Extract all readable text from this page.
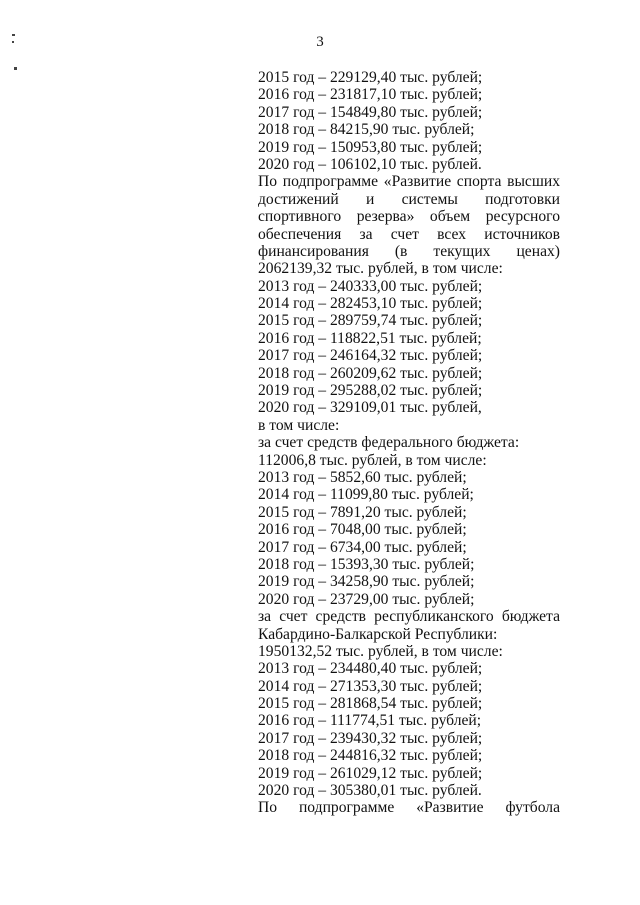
3
2015 год – 229129,40 тыс. рублей;
2016 год – 231817,10 тыс. рублей;
2017 год – 154849,80 тыс. рублей;
2018 год – 84215,90 тыс. рублей;
2019 год – 150953,80 тыс. рублей;
2020 год – 106102,10 тыс. рублей.
По подпрограмме «Развитие спорта высших
достижений и системы подготовки
спортивного резерва» объем ресурсного
обеспечения за счет всех источников
финансирования (в текущих ценах)
2062139,32 тыс. рублей, в том числе:
2013 год – 240333,00 тыс. рублей;
2014 год – 282453,10 тыс. рублей;
2015 год – 289759,74 тыс. рублей;
2016 год – 118822,51 тыс. рублей;
2017 год – 246164,32 тыс. рублей;
2018 год – 260209,62 тыс. рублей;
2019 год – 295288,02 тыс. рублей;
2020 год – 329109,01 тыс. рублей,
в том числе:
за счет средств федерального бюджета:
112006,8 тыс. рублей, в том числе:
2013 год – 5852,60 тыс. рублей;
2014 год – 11099,80 тыс. рублей;
2015 год – 7891,20 тыс. рублей;
2016 год – 7048,00 тыс. рублей;
2017 год – 6734,00 тыс. рублей;
2018 год – 15393,30 тыс. рублей;
2019 год – 34258,90 тыс. рублей;
2020 год – 23729,00 тыс. рублей;
за счет средств республиканского бюджета
Кабардино-Балкарской Республики:
1950132,52 тыс. рублей, в том числе:
2013 год – 234480,40 тыс. рублей;
2014 год – 271353,30 тыс. рублей;
2015 год – 281868,54 тыс. рублей;
2016 год – 111774,51 тыс. рублей;
2017 год – 239430,32 тыс. рублей;
2018 год – 244816,32 тыс. рублей;
2019 год – 261029,12 тыс. рублей;
2020 год – 305380,01 тыс. рублей.
По подпрограмме «Развитие футбола
